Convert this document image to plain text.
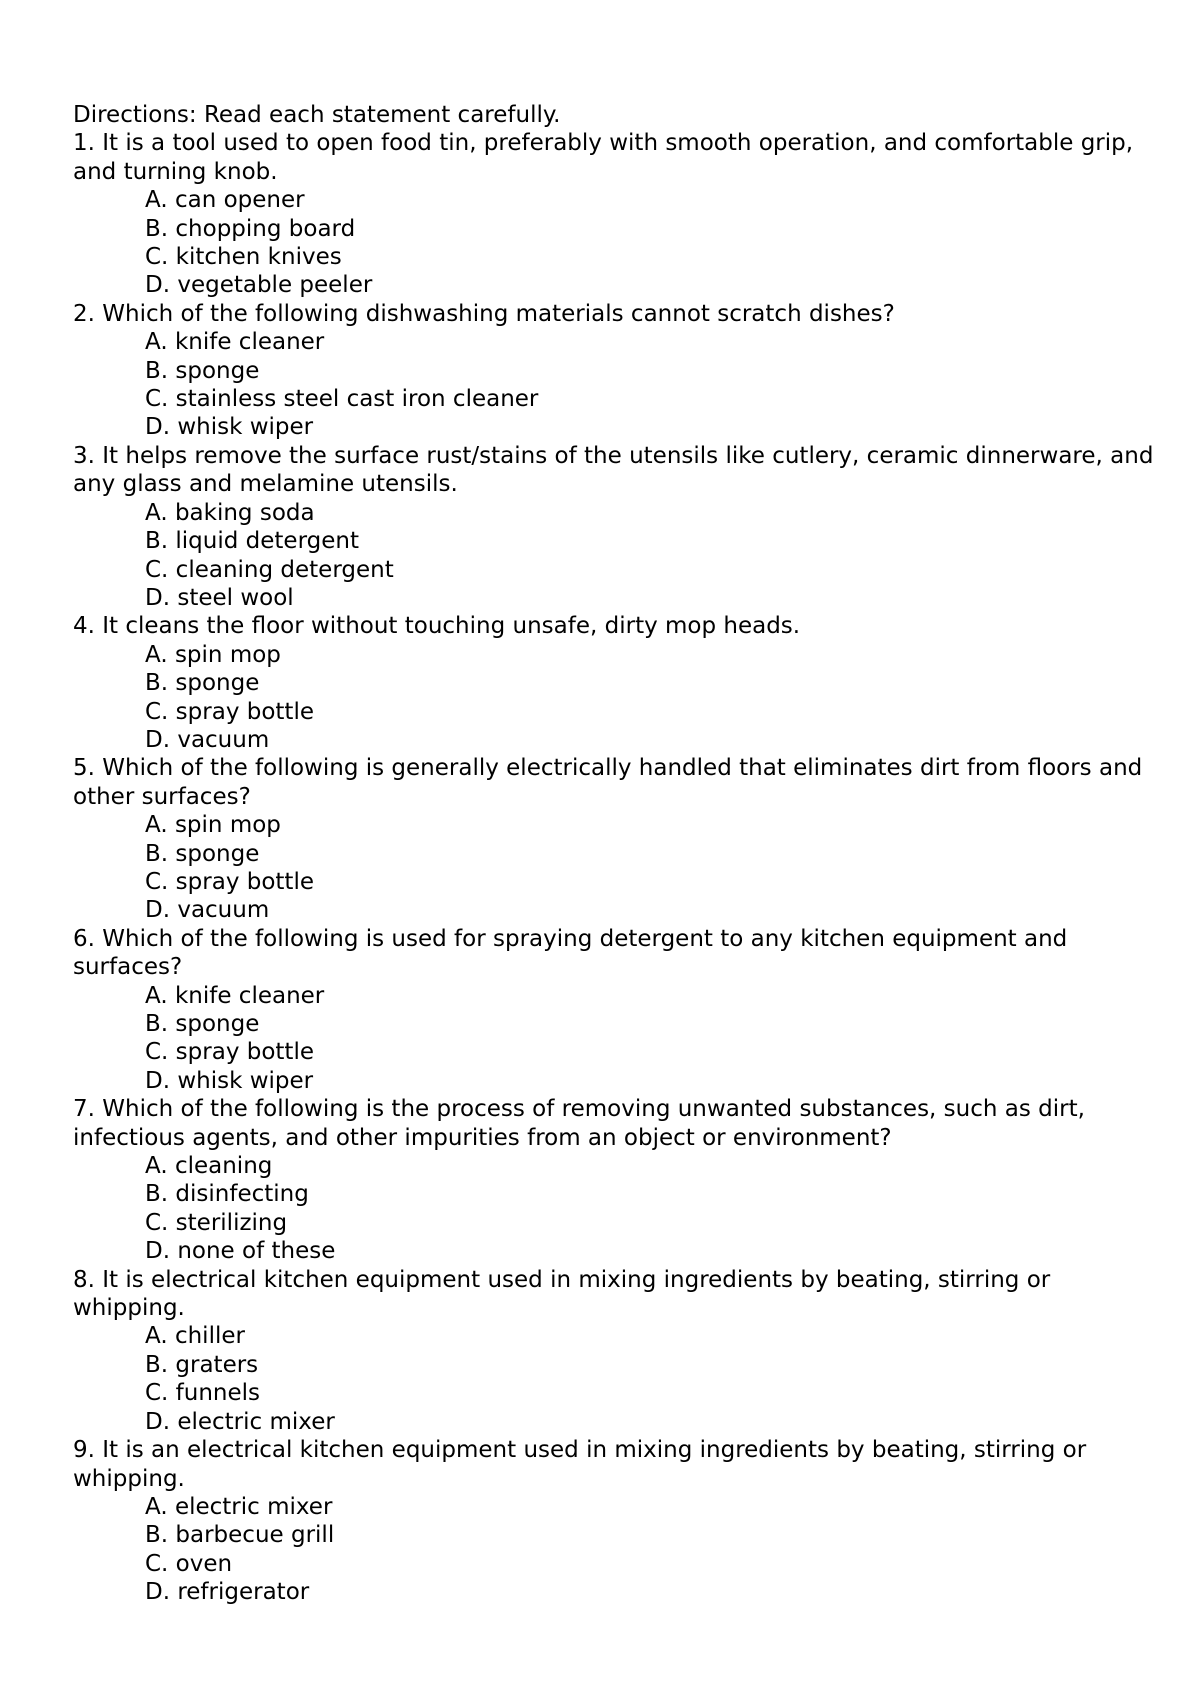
Directions: Read each statement carefully.
1. It is a tool used to open food tin, preferably with smooth operation, and comfortable grip, and turning knob.
A. can opener
B. chopping board
C. kitchen knives
D. vegetable peeler
2. Which of the following dishwashing materials cannot scratch dishes?
A. knife cleaner
B. sponge
C. stainless steel cast iron cleaner
D. whisk wiper
3. It helps remove the surface rust/stains of the utensils like cutlery, ceramic dinnerware, and any glass and melamine utensils.
A. baking soda
B. liquid detergent
C. cleaning detergent
D. steel wool
4. It cleans the floor without touching unsafe, dirty mop heads.
A. spin mop
B. sponge
C. spray bottle
D. vacuum
5. Which of the following is generally electrically handled that eliminates dirt from floors and other surfaces?
A. spin mop
B. sponge
C. spray bottle
D. vacuum
6. Which of the following is used for spraying detergent to any kitchen equipment and surfaces?
A. knife cleaner
B. sponge
C. spray bottle
D. whisk wiper
7. Which of the following is the process of removing unwanted substances, such as dirt, infectious agents, and other impurities from an object or environment?
A. cleaning
B. disinfecting
C. sterilizing
D. none of these
8. It is electrical kitchen equipment used in mixing ingredients by beating, stirring or whipping.
A. chiller
B. graters
C. funnels
D. electric mixer
9. It is an electrical kitchen equipment used in mixing ingredients by beating, stirring or whipping.
A. electric mixer
B. barbecue grill
C. oven
D. refrigerator
